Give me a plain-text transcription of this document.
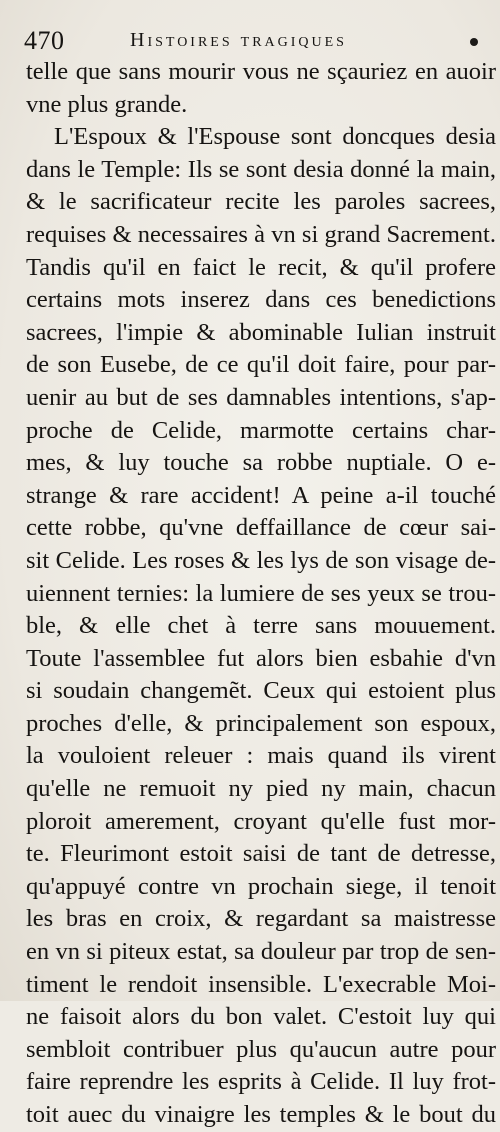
470	Histoires tragiques
telle que sans mourir vous ne sçauriez en auoir
vne plus grande.
L'Espoux & l'Espouse sont doncques desia
dans le Temple: Ils se sont desia donné la main,
& le sacrificateur recite les paroles sacrees,
requises & necessaires à vn si grand Sacrement.
Tandis qu'il en faict le recit, & qu'il profere
certains mots inserez dans ces benedictions
sacrees, l'impie & abominable Iulian instruit
de son Eusebe, de ce qu'il doit faire, pour par-
uenir au but de ses damnables intentions, s'ap-
proche de Celide, marmotte certains char-
mes, & luy touche sa robbe nuptiale. O e-
strange & rare accident! A peine a-il touché
cette robbe, qu'vne deffaillance de cœur sai-
sit Celide. Les roses & les lys de son visage de-
uiennent ternies: la lumiere de ses yeux se trou-
ble, & elle chet à terre sans mouuement.
Toute l'assemblee fut alors bien esbahie d'vn
si soudain changemẽt. Ceux qui estoient plus
proches d'elle, & principalement son espoux,
la vouloient releuer : mais quand ils virent
qu'elle ne remuoit ny pied ny main, chacun
ploroit amerement, croyant qu'elle fust mor-
te. Fleurimont estoit saisi de tant de detresse,
qu'appuyé contre vn prochain siege, il tenoit
les bras en croix, & regardant sa maistresse
en vn si piteux estat, sa douleur par trop de sen-
timent le rendoit insensible. L'execrable Moi-
ne faisoit alors du bon valet. C'estoit luy qui
sembloit contribuer plus qu'aucun autre pour
faire reprendre les esprits à Celide. Il luy frot-
toit auec du vinaigre les temples & le bout du
